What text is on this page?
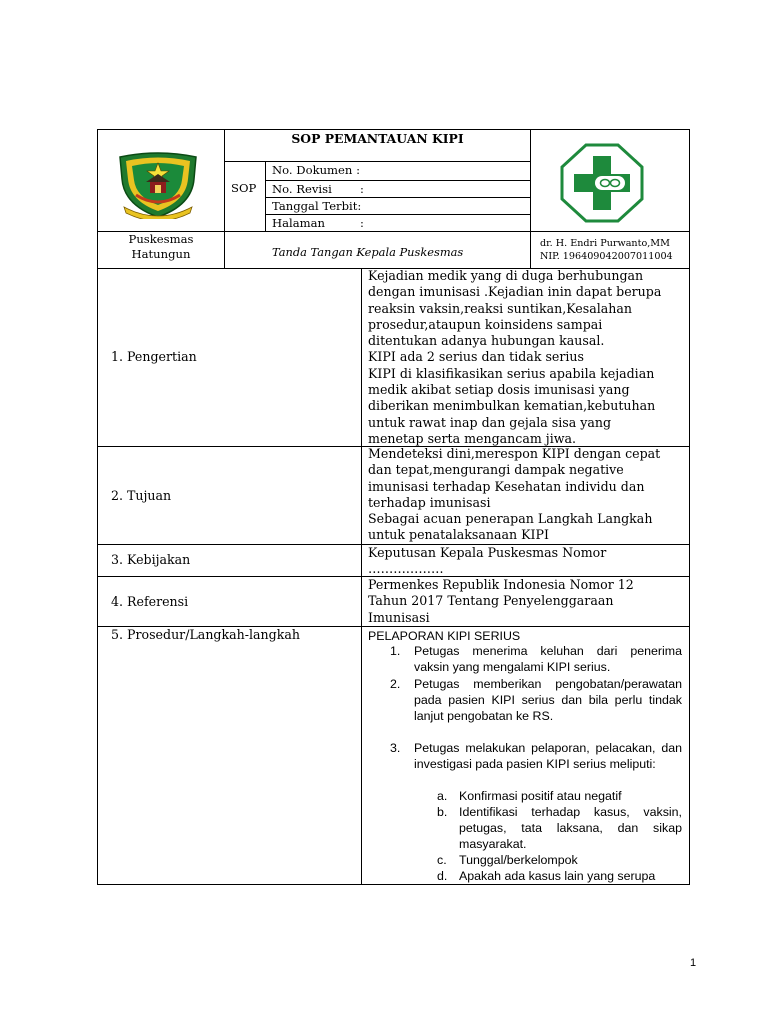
SOP PEMANTAUAN KIPI
SOP
No. Dokumen :
No. Revisi :
Tanggal Terbit:
Halaman	:
Puskesmas
Hatungun	Tanda Tangan Kepala Puskesmas
dr. H. Endri Purwanto,MM
NIP. 196409042007011004
1. Pengertian
2. Tujuan
3. Kebijakan
4. Referensi
5. Prosedur/Langkah-langkah
Kejadian medik yang di duga berhubungan
dengan imunisasi .Kejadian inin dapat berupa
reaksin vaksin,reaksi suntikan,Kesalahan
prosedur,ataupun koinsidens sampai
ditentukan adanya hubungan kausal.
KIPI ada 2 serius dan tidak serius
KIPI di klasifikasikan serius apabila kejadian
medik akibat setiap dosis imunisasi yang
diberikan menimbulkan kematian,kebutuhan
untuk rawat inap dan gejala sisa yang
menetap serta mengancam jiwa.
Mendeteksi dini,merespon KIPI dengan cepat
dan tepat,mengurangi dampak negative
imunisasi terhadap Kesehatan individu dan
terhadap imunisasi
Sebagai acuan penerapan Langkah Langkah
untuk penatalaksanaan KIPI
Keputusan Kepala Puskesmas Nomor
………………
Permenkes Republik Indonesia Nomor 12
Tahun 2017 Tentang Penyelenggaraan
Imunisasi
PELAPORAN KIPI SERIUS
1. Petugas menerima keluhan dari penerima vaksin yang mengalami KIPI serius.
2. Petugas memberikan pengobatan/perawatan pada pasien KIPI serius dan bila perlu tindak lanjut pengobatan ke RS.
3. Petugas melakukan pelaporan, pelacakan, dan investigasi pada pasien KIPI serius meliputi:
a. Konfirmasi positif atau negatif
b. Identifikasi terhadap kasus, vaksin, petugas, tata laksana, dan sikap masyarakat.
c. Tunggal/berkelompok
d. Apakah ada kasus lain yang serupa
1
